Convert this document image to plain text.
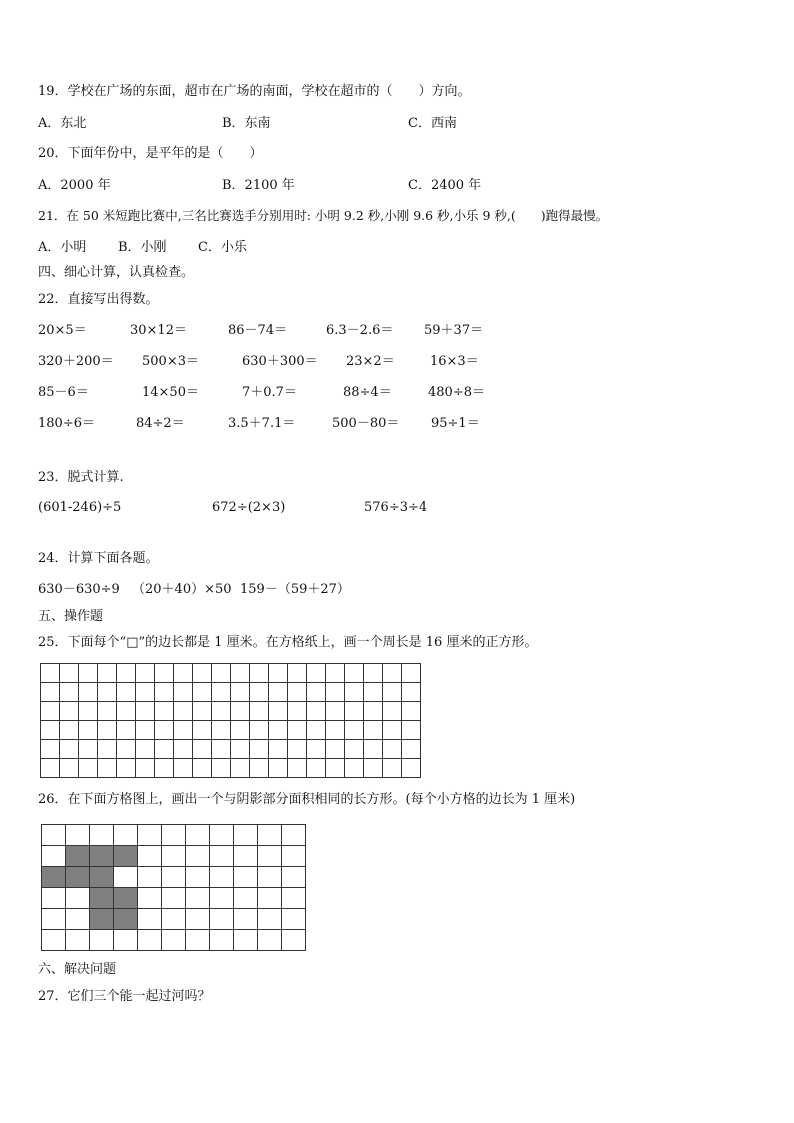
19．学校在广场的东面，超市在广场的南面，学校在超市的（　　）方向。
A．东北	B．东南	C．西南
20．下面年份中，是平年的是（　　）
A．2000 年	B．2100 年	C．2400 年
21．在 50 米短跑比赛中,三名比赛选手分别用时: 小明 9.2 秒,小刚 9.6 秒,小乐 9 秒,(　　)跑得最慢。
A．小明 B．小刚 C．小乐
四、细心计算，认真检查。
22．直接写出得数。
20×5＝	30×12＝	86－74＝	6.3－2.6＝ 59＋37＝
320＋200＝ 500×3＝	630＋300＝ 23×2＝	16×3＝
85－6＝	14×50＝	7＋0.7＝	88÷4＝	480÷8＝
180÷6＝	84÷2＝	3.5＋7.1＝	500－80＝ 95÷1＝
23．脱式计算.
(601-246)÷5	672÷(2×3)	576÷3÷4
24．计算下面各题。
630－630÷9 （20＋40）×50 159－（59＋27）
五、操作题
25．下面每个“□”的边长都是 1 厘米。在方格纸上，画一个周长是 16 厘米的正方形。

26．在下面方格图上，画出一个与阴影部分面积相同的长方形。(每个小方格的边长为 1 厘米)

六、解决问题
27．它们三个能一起过河吗？
